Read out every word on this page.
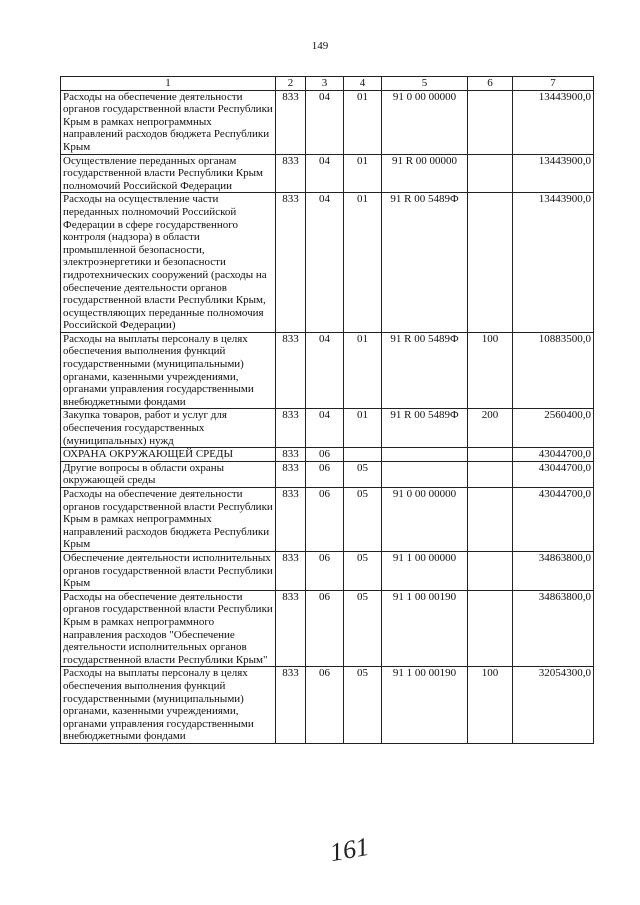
149
1	2	3	4	5	6	7
Расходы на обеспечение деятельности органов государственной власти Республики Крым в рамках непрограммных направлений расходов бюджета Республики Крым	833	04	01	91 0 00 00000		13443900,0
Осуществление переданных органам государственной власти Республики Крым полномочий Российской Федерации	833	04	01	91 R 00 00000		13443900,0
Расходы на осуществление части переданных полномочий Российской Федерации в сфере государственного контроля (надзора) в области промышленной безопасности, электроэнергетики и безопасности гидротехнических сооружений (расходы на обеспечение деятельности органов государственной власти Республики Крым, осуществляющих переданные полномочия Российской Федерации)	833	04	01	91 R 00 5489Ф		13443900,0
Расходы на выплаты персоналу в целях обеспечения выполнения функций государственными (муниципальными) органами, казенными учреждениями, органами управления государственными внебюджетными фондами	833	04	01	91 R 00 5489Ф	100	10883500,0
Закупка товаров, работ и услуг для обеспечения государственных (муниципальных) нужд	833	04	01	91 R 00 5489Ф	200	2560400,0
ОХРАНА ОКРУЖАЮЩЕЙ СРЕДЫ	833	06				43044700,0
Другие вопросы в области охраны окружающей среды	833	06	05			43044700,0
Расходы на обеспечение деятельности органов государственной власти Республики Крым в рамках непрограммных направлений расходов бюджета Республики Крым	833	06	05	91 0 00 00000		43044700,0
Обеспечение деятельности исполнительных органов государственной власти Республики Крым	833	06	05	91 1 00 00000		34863800,0
Расходы на обеспечение деятельности органов государственной власти Республики Крым в рамках непрограммного направления расходов "Обеспечение деятельности исполнительных органов государственной власти Республики Крым"	833	06	05	91 1 00 00190		34863800,0
Расходы на выплаты персоналу в целях обеспечения выполнения функций государственными (муниципальными) органами, казенными учреждениями, органами управления государственными внебюджетными фондами	833	06	05	91 1 00 00190	100	32054300,0
161
